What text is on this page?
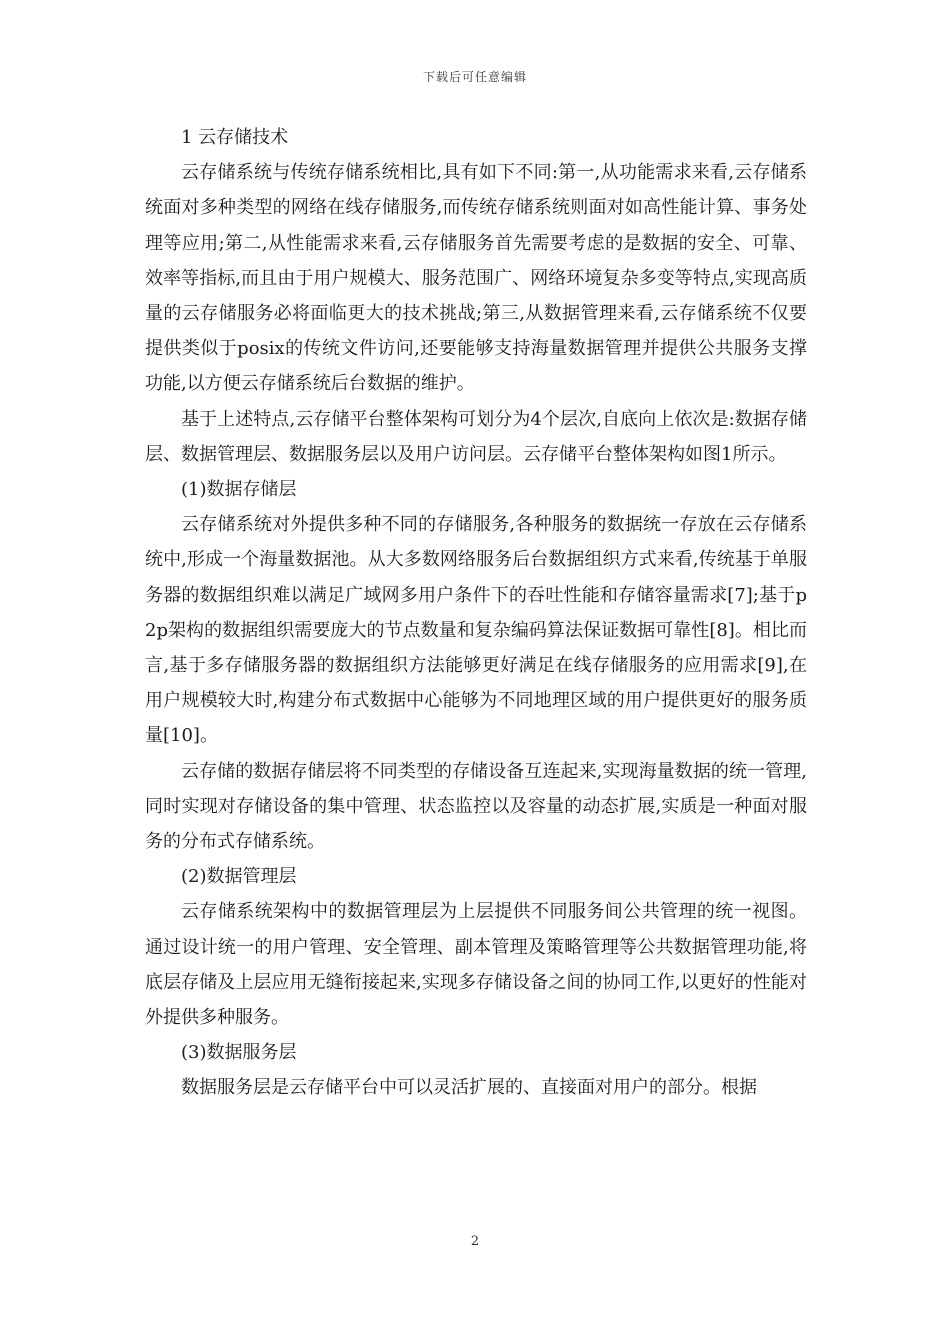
下载后可任意编辑

1 云存储技术

云存储系统与传统存储系统相比,具有如下不同:第一,从功能需求来看,云存储系统面对多种类型的网络在线存储服务,而传统存储系统则面对如高性能计算、事务处理等应用;第二,从性能需求来看,云存储服务首先需要考虑的是数据的安全、可靠、效率等指标,而且由于用户规模大、服务范围广、网络环境复杂多变等特点,实现高质量的云存储服务必将面临更大的技术挑战;第三,从数据管理来看,云存储系统不仅要提供类似于posix的传统文件访问,还要能够支持海量数据管理并提供公共服务支撑功能,以方便云存储系统后台数据的维护。

基于上述特点,云存储平台整体架构可划分为4个层次,自底向上依次是:数据存储层、数据管理层、数据服务层以及用户访问层。云存储平台整体架构如图1所示。

(1)数据存储层

云存储系统对外提供多种不同的存储服务,各种服务的数据统一存放在云存储系统中,形成一个海量数据池。从大多数网络服务后台数据组织方式来看,传统基于单服务器的数据组织难以满足广域网多用户条件下的吞吐性能和存储容量需求[7];基于p2p架构的数据组织需要庞大的节点数量和复杂编码算法保证数据可靠性[8]。相比而言,基于多存储服务器的数据组织方法能够更好满足在线存储服务的应用需求[9],在用户规模较大时,构建分布式数据中心能够为不同地理区域的用户提供更好的服务质量[10]。

云存储的数据存储层将不同类型的存储设备互连起来,实现海量数据的统一管理,同时实现对存储设备的集中管理、状态监控以及容量的动态扩展,实质是一种面对服务的分布式存储系统。

(2)数据管理层

云存储系统架构中的数据管理层为上层提供不同服务间公共管理的统一视图。通过设计统一的用户管理、安全管理、副本管理及策略管理等公共数据管理功能,将底层存储及上层应用无缝衔接起来,实现多存储设备之间的协同工作,以更好的性能对外提供多种服务。

(3)数据服务层

数据服务层是云存储平台中可以灵活扩展的、直接面对用户的部分。根据

2
